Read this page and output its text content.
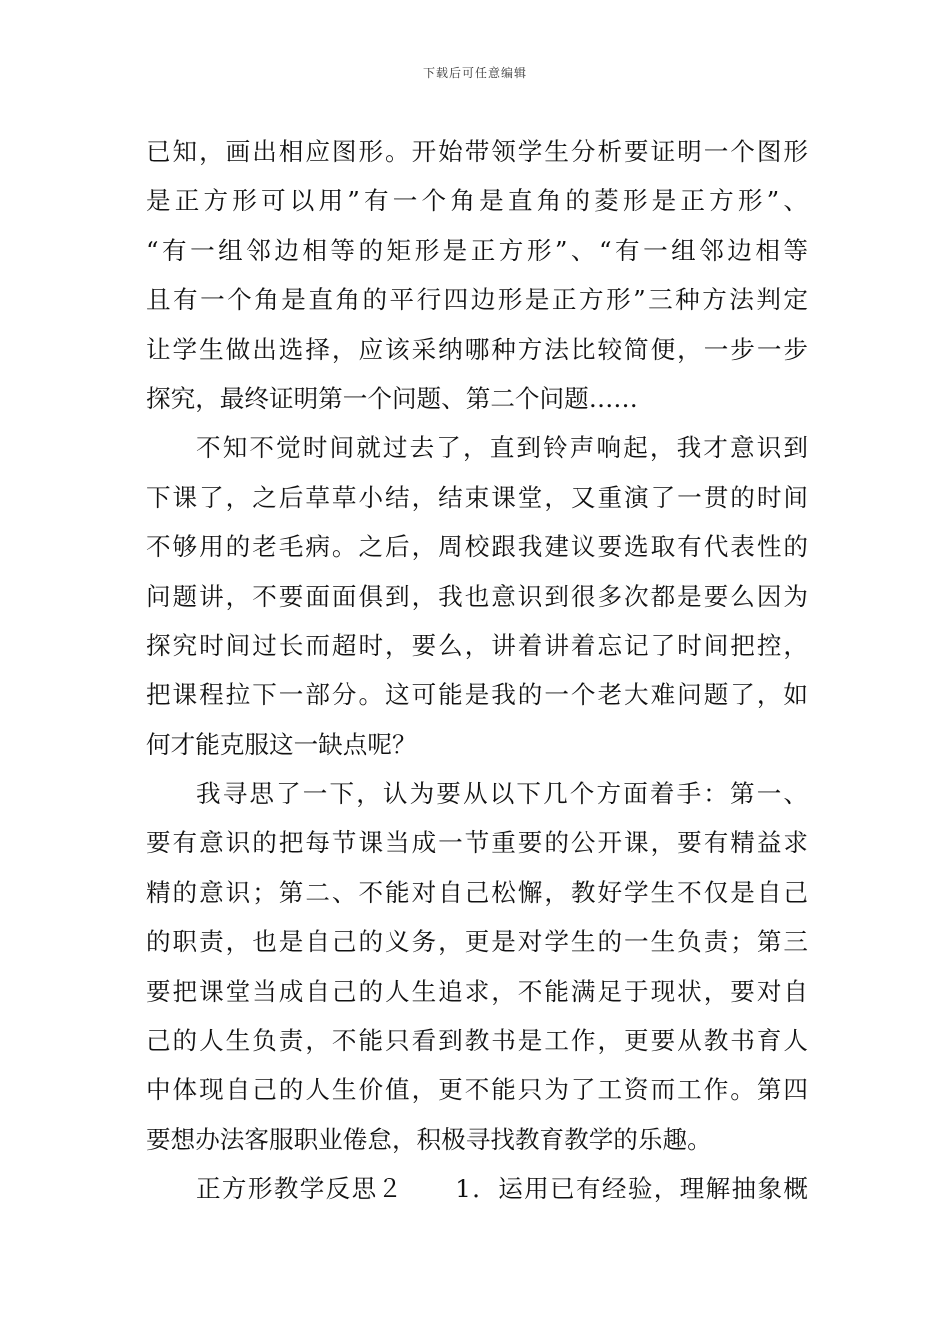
下载后可任意编辑
已知，画出相应图形。开始带领学生分析要证明一个图形
是正方形可以用”有一个角是直角的菱形是正方形”、
“有一组邻边相等的矩形是正方形”、“有一组邻边相等
且有一个角是直角的平行四边形是正方形”三种方法判定
让学生做出选择，应该采纳哪种方法比较简便，一步一步
探究，最终证明第一个问题、第二个问题……
不知不觉时间就过去了，直到铃声响起，我才意识到
下课了，之后草草小结，结束课堂，又重演了一贯的时间
不够用的老毛病。之后，周校跟我建议要选取有代表性的
问题讲，不要面面俱到，我也意识到很多次都是要么因为
探究时间过长而超时，要么，讲着讲着忘记了时间把控，
把课程拉下一部分。这可能是我的一个老大难问题了，如
何才能克服这一缺点呢？
我寻思了一下，认为要从以下几个方面着手：第一、
要有意识的把每节课当成一节重要的公开课，要有精益求
精的意识；第二、不能对自己松懈，教好学生不仅是自己
的职责，也是自己的义务，更是对学生的一生负责；第三
要把课堂当成自己的人生追求，不能满足于现状，要对自
己的人生负责，不能只看到教书是工作，更要从教书育人
中体现自己的人生价值，更不能只为了工资而工作。第四
要想办法客服职业倦怠，积极寻找教育教学的乐趣。
正方形教学反思２　　1．运用已有经验，理解抽象概
